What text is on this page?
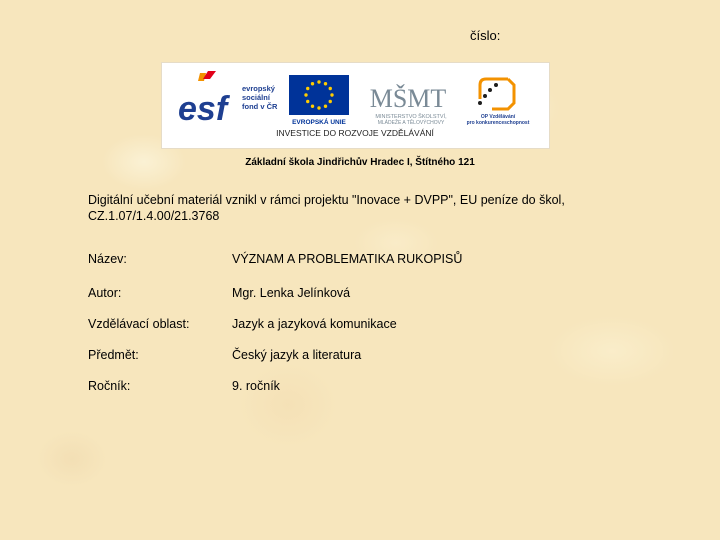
číslo:
esf
evropský
sociální
fond v ČR
EVROPSKÁ UNIE
MŠMT
MINISTERSTVO ŠKOLSTVÍ,
MLÁDEŽE A TĚLOVÝCHOVY
OP Vzdělávání
pro konkurenceschopnost
INVESTICE DO ROZVOJE VZDĚLÁVÁNÍ
Základní škola Jindřichův Hradec I, Štítného 121
Digitální učební materiál vznikl v rámci projektu "Inovace + DVPP", EU peníze do škol,
CZ.1.07/1.4.00/21.3768
Název:	VÝZNAM A PROBLEMATIKA RUKOPISŮ
Autor:	Mgr. Lenka Jelínková
Vzdělávací oblast:	Jazyk a jazyková komunikace
Předmět:	Český jazyk a literatura
Ročník:	9. ročník
